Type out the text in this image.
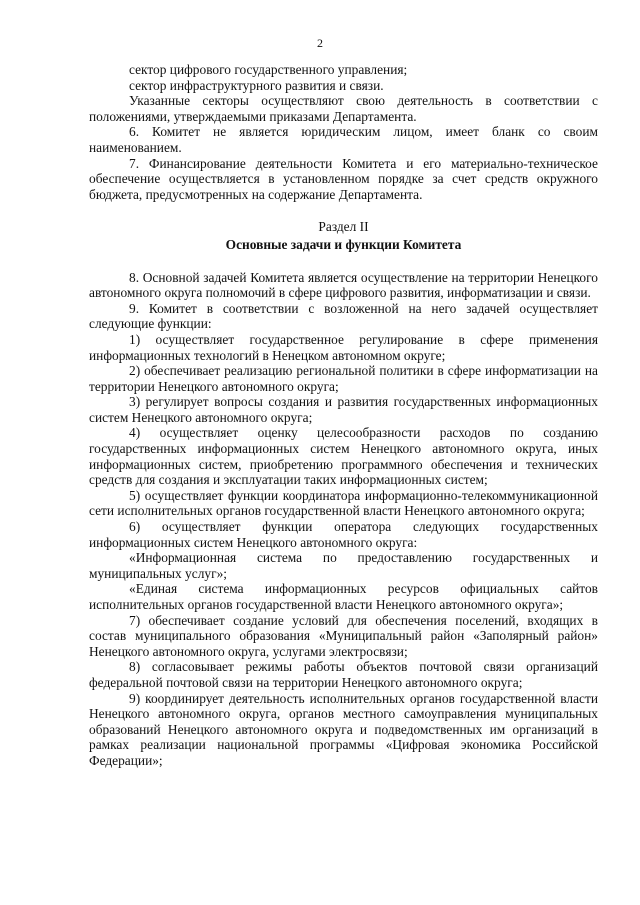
2

сектор цифрового государственного управления;

сектор инфраструктурного развития и связи.

Указанные секторы осуществляют свою деятельность в соответствии с положениями, утверждаемыми приказами Департамента.

6. Комитет не является юридическим лицом, имеет бланк со своим наименованием.

7. Финансирование деятельности Комитета и его материально-техническое обеспечение осуществляется в установленном порядке за счет средств окружного бюджета, предусмотренных на содержание Департамента.

Раздел II

Основные задачи и функции Комитета

8. Основной задачей Комитета является осуществление на территории Ненецкого автономного округа полномочий в сфере цифрового развития, информатизации и связи.

9. Комитет в соответствии с возложенной на него задачей осуществляет следующие функции:

1) осуществляет государственное регулирование в сфере применения информационных технологий в Ненецком автономном округе;

2) обеспечивает реализацию региональной политики в сфере информатизации на территории Ненецкого автономного округа;

3) регулирует вопросы создания и развития государственных информационных систем Ненецкого автономного округа;

4) осуществляет оценку целесообразности расходов по созданию государственных информационных систем Ненецкого автономного округа, иных информационных систем, приобретению программного обеспечения и технических средств для создания и эксплуатации таких информационных систем;

5) осуществляет функции координатора информационно-телекоммуникационной сети исполнительных органов государственной власти Ненецкого автономного округа;

6) осуществляет функции оператора следующих государственных информационных систем Ненецкого автономного округа:

«Информационная система по предоставлению государственных и муниципальных услуг»;

«Единая система информационных ресурсов официальных сайтов исполнительных органов государственной власти Ненецкого автономного округа»;

7) обеспечивает создание условий для обеспечения поселений, входящих в состав муниципального образования «Муниципальный район «Заполярный район» Ненецкого автономного округа, услугами электросвязи;

8) согласовывает режимы работы объектов почтовой связи организаций федеральной почтовой связи на территории Ненецкого автономного округа;

9) координирует деятельность исполнительных органов государственной власти Ненецкого автономного округа, органов местного самоуправления муниципальных образований Ненецкого автономного округа и подведомственных им организаций в рамках реализации национальной программы «Цифровая экономика Российской Федерации»;
